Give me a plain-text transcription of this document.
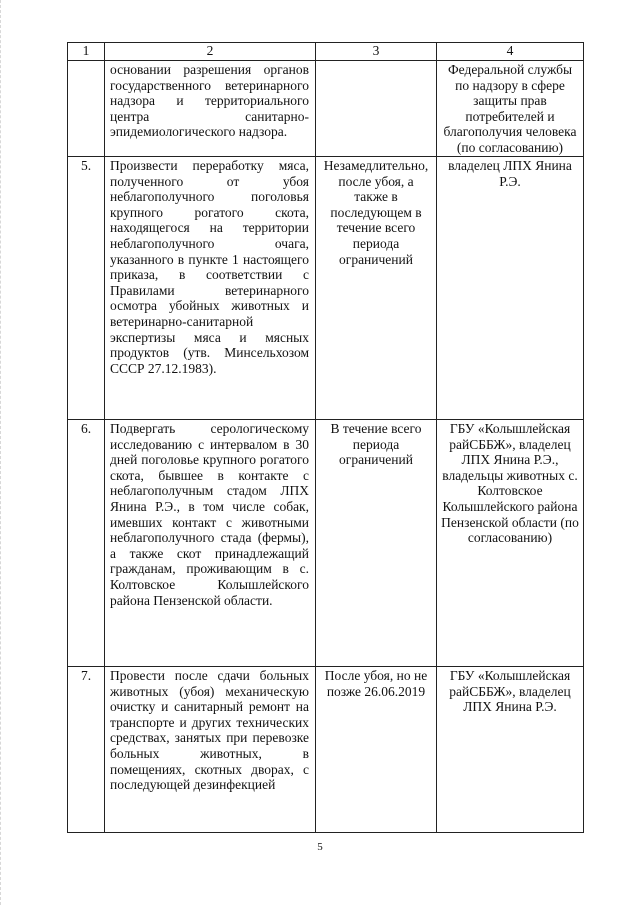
1	2	3	4

	основании разрешения органов государственного ветеринарного надзора и территориального центра санитарно-эпидемиологического надзора.		Федеральной службы по надзору в сфере защиты прав потребителей и благополучия человека (по согласованию)

5.	Произвести переработку мяса, полученного от убоя неблагополучного поголовья крупного рогатого скота, находящегося на территории неблагополучного очага, указанного в пункте 1 настоящего приказа, в соответствии с Правилами ветеринарного осмотра убойных животных и ветеринарно-санитарной экспертизы мяса и мясных продуктов (утв. Минсельхозом СССР 27.12.1983).	Незамедлительно, после убоя, а также в последующем в течение всего периода ограничений	владелец ЛПХ Янина Р.Э.

6.	Подвергать серологическому исследованию с интервалом в 30 дней поголовье крупного рогатого скота, бывшее в контакте с неблагополучным стадом ЛПХ Янина Р.Э., в том числе собак, имевших контакт с животными неблагополучного стада (фермы), а также скот принадлежащий гражданам, проживающим в с. Колтовское Колышлейского района Пензенской области.	В течение всего периода ограничений	ГБУ «Колышлейская райСББЖ», владелец ЛПХ Янина Р.Э., владельцы животных с. Колтовское Колышлейского района Пензенской области (по согласованию)

7.	Провести после сдачи больных животных (убоя) механическую очистку и санитарный ремонт на транспорте и других технических средствах, занятых при перевозке больных животных, в помещениях, скотных дворах, с последующей дезинфекцией	После убоя, но не позже 26.06.2019	ГБУ «Колышлейская райСББЖ», владелец ЛПХ Янина Р.Э.
5
